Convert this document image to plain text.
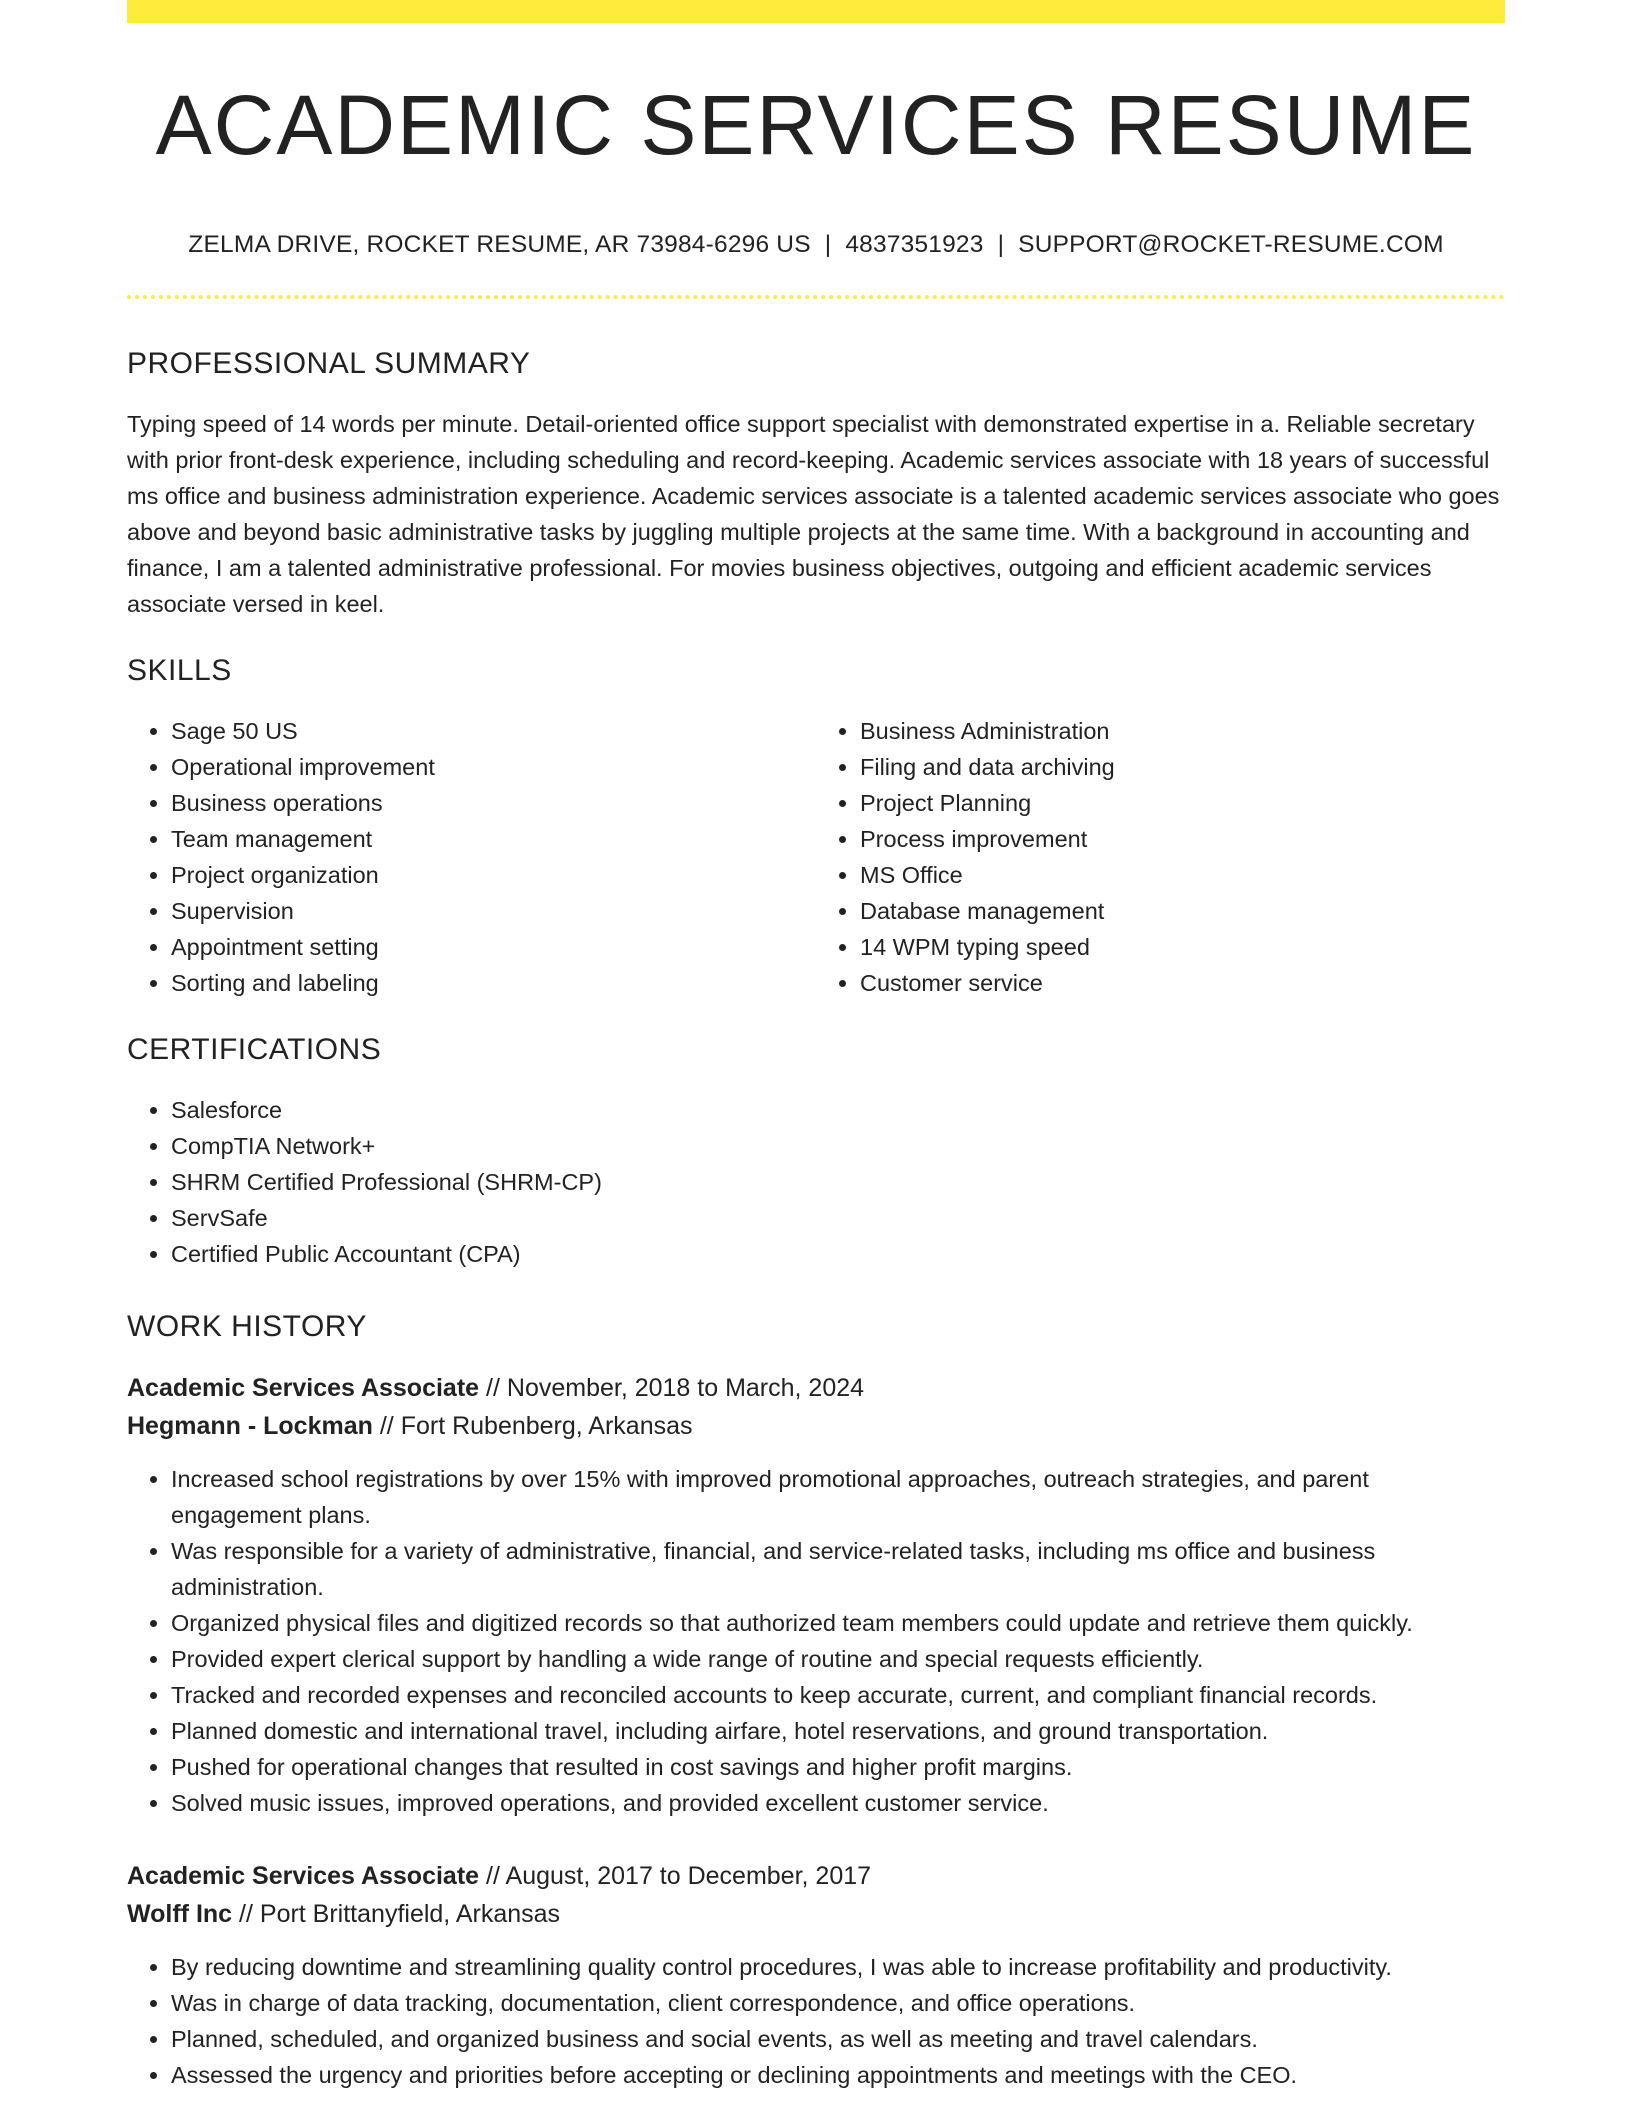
ACADEMIC SERVICES RESUME
ZELMA DRIVE, ROCKET RESUME, AR 73984-6296 US | 4837351923 | SUPPORT@ROCKET-RESUME.COM
PROFESSIONAL SUMMARY
Typing speed of 14 words per minute. Detail-oriented office support specialist with demonstrated expertise in a. Reliable secretary with prior front-desk experience, including scheduling and record-keeping. Academic services associate with 18 years of successful ms office and business administration experience. Academic services associate is a talented academic services associate who goes above and beyond basic administrative tasks by juggling multiple projects at the same time. With a background in accounting and finance, I am a talented administrative professional. For movies business objectives, outgoing and efficient academic services associate versed in keel.
SKILLS
• Sage 50 US
• Operational improvement
• Business operations
• Team management
• Project organization
• Supervision
• Appointment setting
• Sorting and labeling
• Business Administration
• Filing and data archiving
• Project Planning
• Process improvement
• MS Office
• Database management
• 14 WPM typing speed
• Customer service
CERTIFICATIONS
• Salesforce
• CompTIA Network+
• SHRM Certified Professional (SHRM-CP)
• ServSafe
• Certified Public Accountant (CPA)
WORK HISTORY
Academic Services Associate // November, 2018 to March, 2024
Hegmann - Lockman // Fort Rubenberg, Arkansas
• Increased school registrations by over 15% with improved promotional approaches, outreach strategies, and parent engagement plans.
• Was responsible for a variety of administrative, financial, and service-related tasks, including ms office and business administration.
• Organized physical files and digitized records so that authorized team members could update and retrieve them quickly.
• Provided expert clerical support by handling a wide range of routine and special requests efficiently.
• Tracked and recorded expenses and reconciled accounts to keep accurate, current, and compliant financial records.
• Planned domestic and international travel, including airfare, hotel reservations, and ground transportation.
• Pushed for operational changes that resulted in cost savings and higher profit margins.
• Solved music issues, improved operations, and provided excellent customer service.
Academic Services Associate // August, 2017 to December, 2017
Wolff Inc // Port Brittanyfield, Arkansas
• By reducing downtime and streamlining quality control procedures, I was able to increase profitability and productivity.
• Was in charge of data tracking, documentation, client correspondence, and office operations.
• Planned, scheduled, and organized business and social events, as well as meeting and travel calendars.
• Assessed the urgency and priorities before accepting or declining appointments and meetings with the CEO.
